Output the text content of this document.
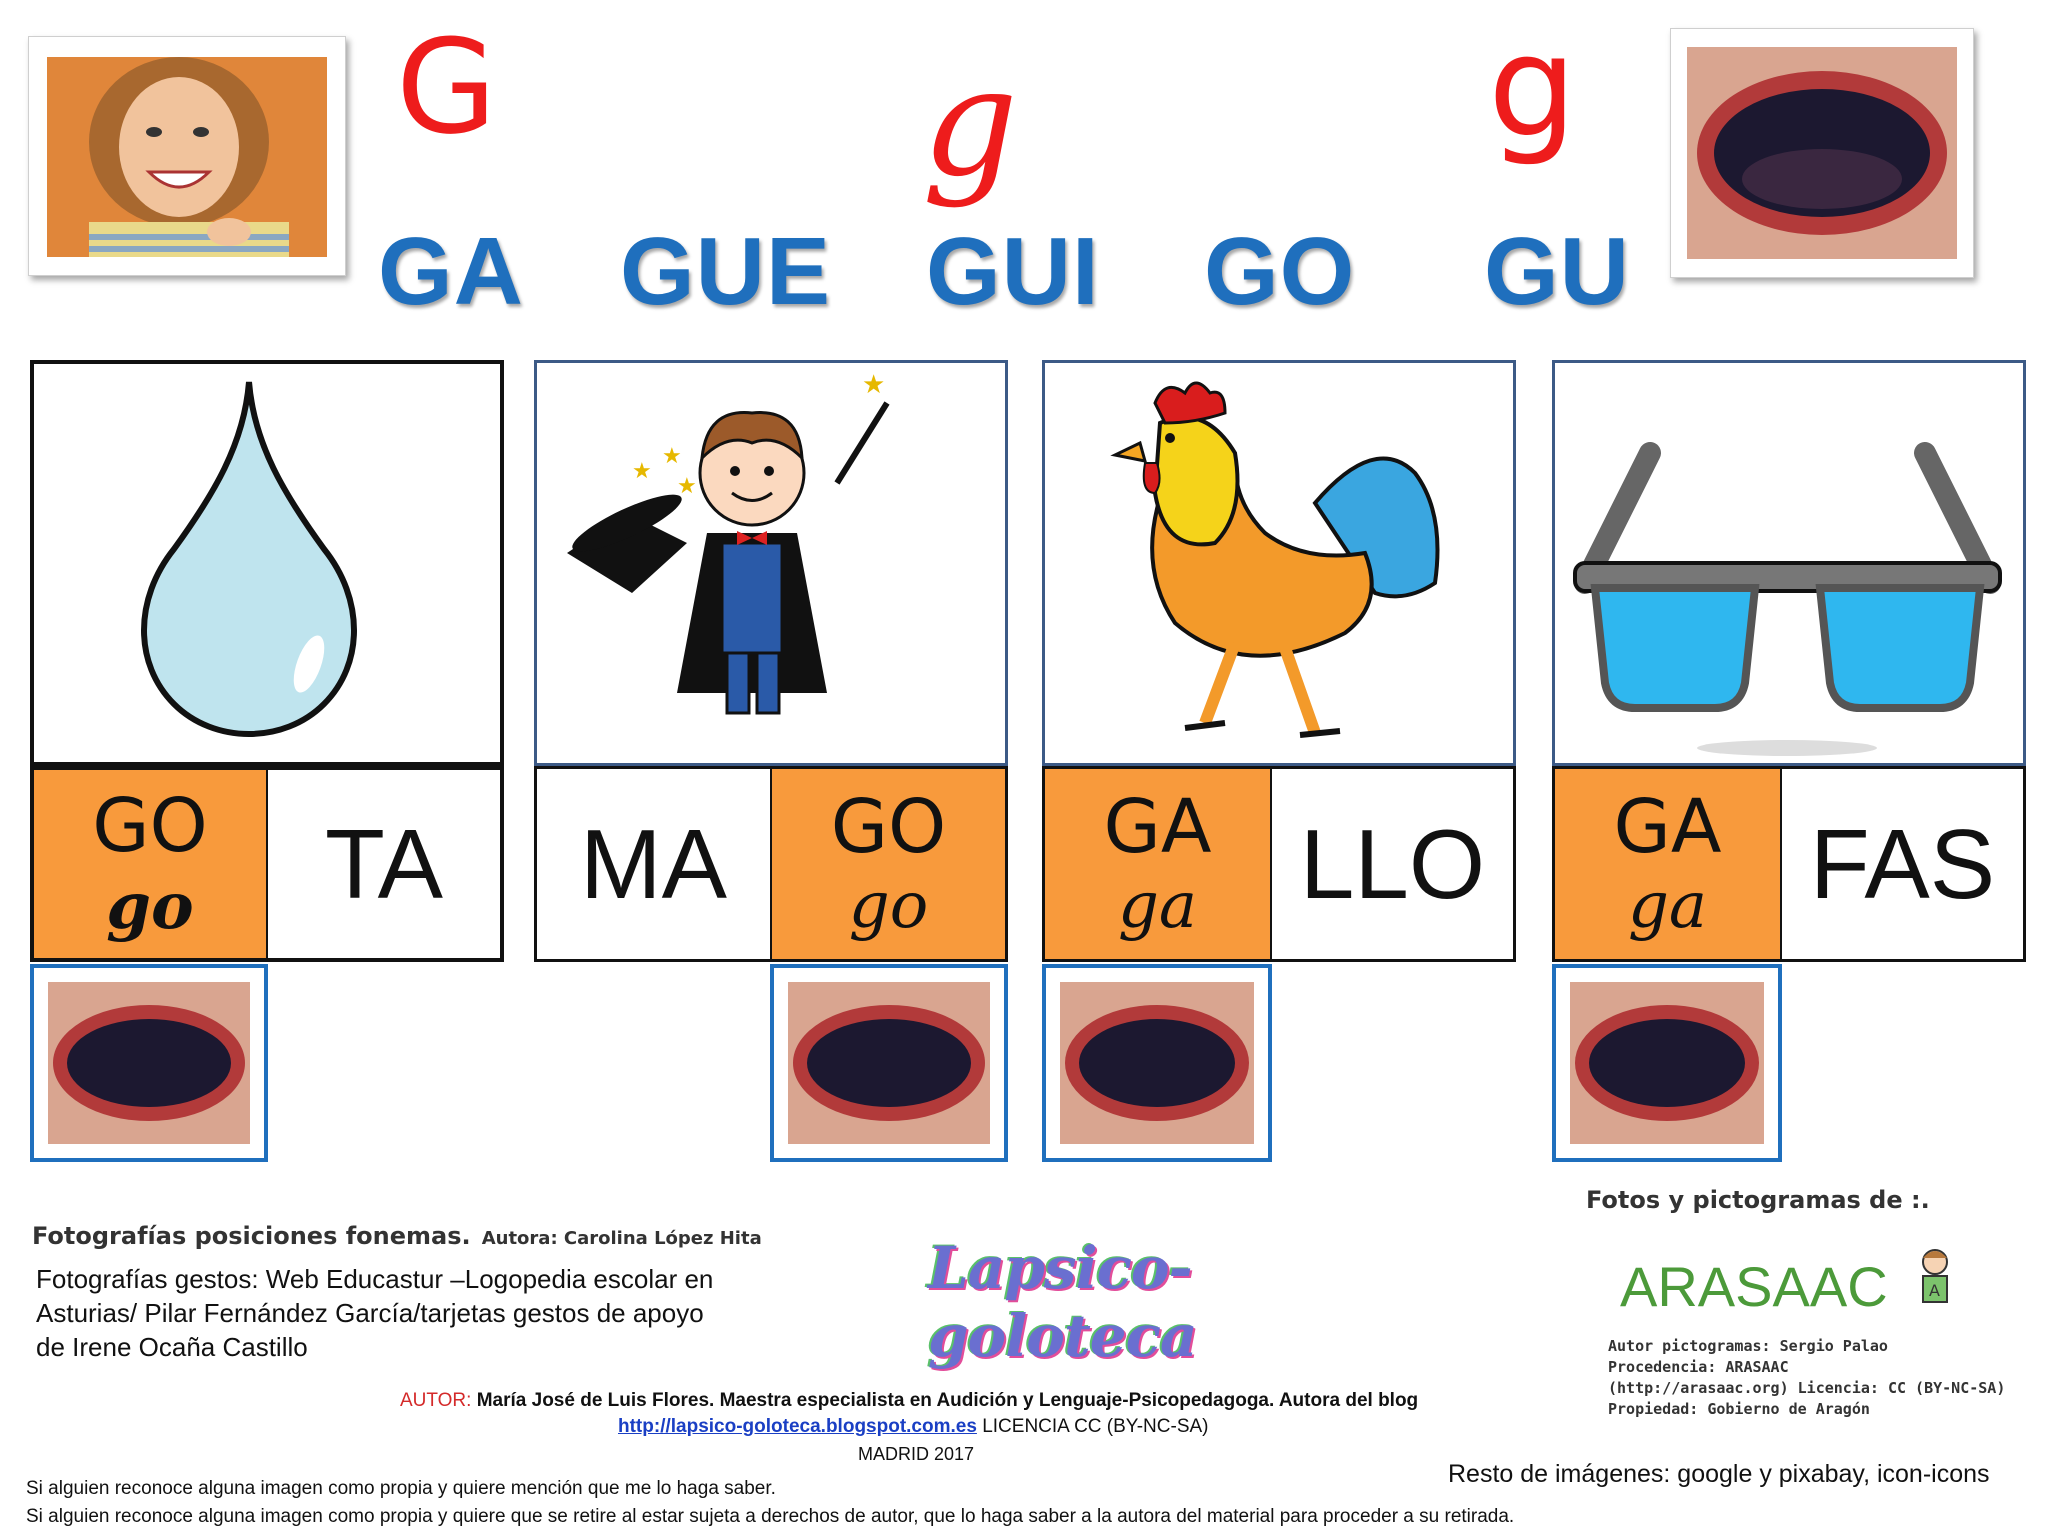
G	g	g
GA GUE GUI GO GU
GO
go TA
★
★
★
★
MA GO
go
GA
ga LLO GA
ga FAS
Fotografías posiciones fonemas. Autora: Carolina López Hita
Fotografías gestos: Web Educastur –Logopedia escolar en Asturias/ Pilar Fernández García/tarjetas gestos de apoyo de Irene Ocaña Castillo
Lapsico-goloteca
Fotos y pictogramas de :.
ARASAAC	A
Autor pictogramas: Sergio Palao
Procedencia: ARASAAC
(http://arasaac.org) Licencia: CC (BY-NC-SA)
Propiedad: Gobierno de Aragón
AUTOR: María José de Luis Flores. Maestra especialista en Audición y Lenguaje-Psicopedagoga. Autora del blog
http://lapsico-goloteca.blogspot.com.es LICENCIA CC (BY-NC-SA)
MADRID 2017
Resto de imágenes: google y pixabay, icon-icons
Si alguien reconoce alguna imagen como propia y quiere mención que me lo haga saber.
Si alguien reconoce alguna imagen como propia y quiere que se retire al estar sujeta a derechos de autor, que lo haga saber a la autora del material para proceder a su retirada.
